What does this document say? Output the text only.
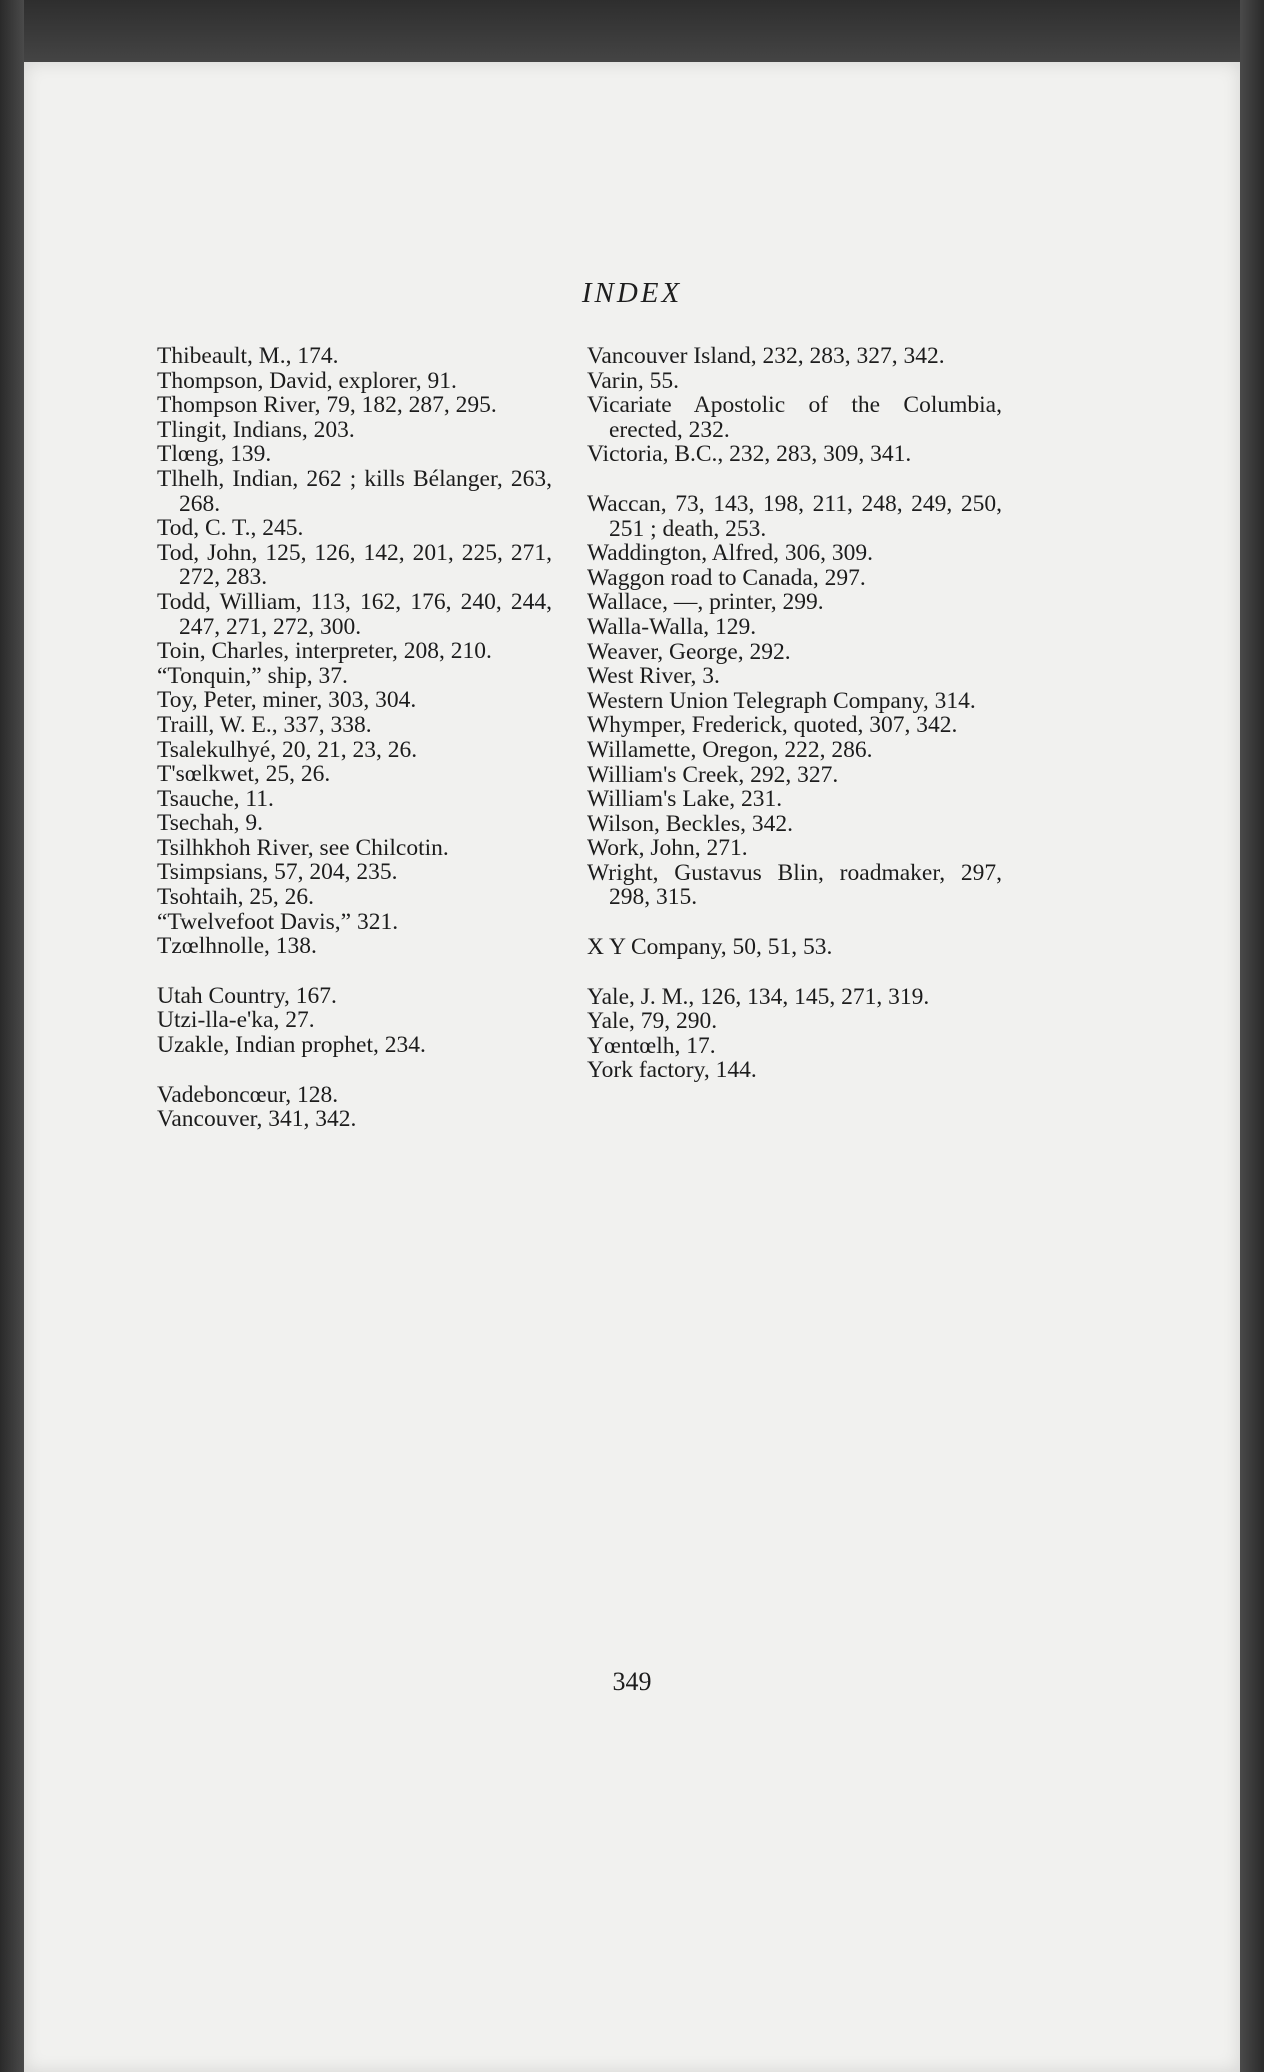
INDEX

Thibeault, M., 174.

Thompson, David, explorer, 91.

Thompson River, 79, 182, 287, 295.

Tlingit, Indians, 203.

Tlœng, 139.

Tlhelh, Indian, 262 ; kills Bélanger, 263, 268.

Tod, C. T., 245.

Tod, John, 125, 126, 142, 201, 225, 271, 272, 283.

Todd, William, 113, 162, 176, 240, 244, 247, 271, 272, 300.

Toin, Charles, interpreter, 208, 210.

“Tonquin,” ship, 37.

Toy, Peter, miner, 303, 304.

Traill, W. E., 337, 338.

Tsalekulhyé, 20, 21, 23, 26.

T'sœlkwet, 25, 26.

Tsauche, 11.

Tsechah, 9.

Tsilhkhoh River, see Chilcotin.

Tsimpsians, 57, 204, 235.

Tsohtaih, 25, 26.

“Twelvefoot Davis,” 321.

Tzœlhnolle, 138.

Utah Country, 167.

Utzi-lla-e'ka, 27.

Uzakle, Indian prophet, 234.

Vadeboncœur, 128.

Vancouver, 341, 342.

Vancouver Island, 232, 283, 327, 342.

Varin, 55.

Vicariate Apostolic of the Columbia, erected, 232.

Victoria, B.C., 232, 283, 309, 341.

Waccan, 73, 143, 198, 211, 248, 249, 250, 251 ; death, 253.

Waddington, Alfred, 306, 309.

Waggon road to Canada, 297.

Wallace, —, printer, 299.

Walla-Walla, 129.

Weaver, George, 292.

West River, 3.

Western Union Telegraph Company, 314.

Whymper, Frederick, quoted, 307, 342.

Willamette, Oregon, 222, 286.

William's Creek, 292, 327.

William's Lake, 231.

Wilson, Beckles, 342.

Work, John, 271.

Wright, Gustavus Blin, roadmaker, 297, 298, 315.

X Y Company, 50, 51, 53.

Yale, J. M., 126, 134, 145, 271, 319.

Yale, 79, 290.

Yœntœlh, 17.

York factory, 144.

349
